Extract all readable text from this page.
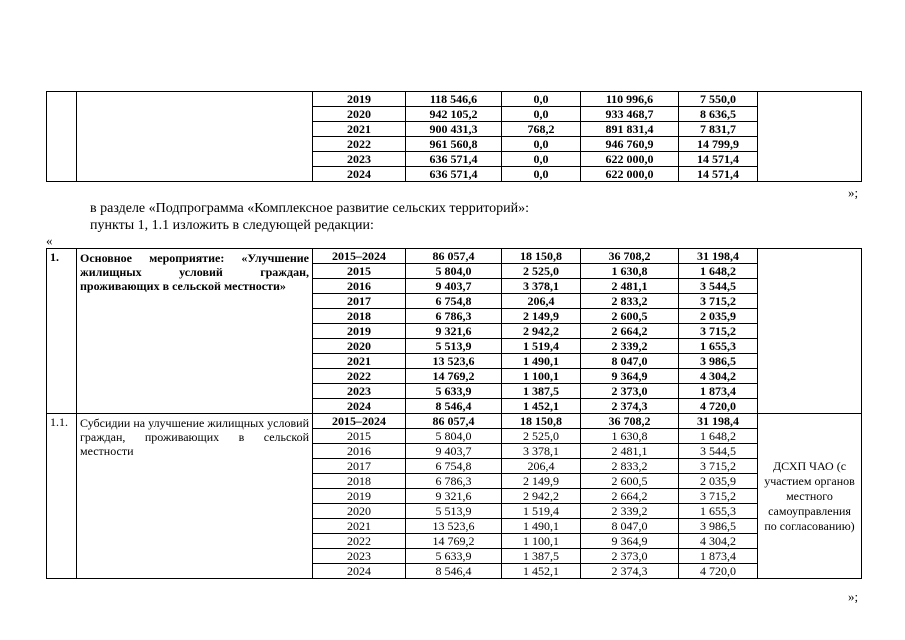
		2019	118 546,6	0,0	110 996,6	7 550,0	
		2020	942 105,2	0,0	933 468,7	8 636,5	
		2021	900 431,3	768,2	891 831,4	7 831,7	
		2022	961 560,8	0,0	946 760,9	14 799,9	
		2023	636 571,4	0,0	622 000,0	14 571,4	
		2024	636 571,4	0,0	622 000,0	14 571,4	
»;
в разделе «Подпрограмма «Комплексное развитие сельских территорий»:
пункты 1, 1.1 изложить в следующей редакции:
«
1.	Основное мероприятие: «Улучшение жилищных условий граждан, проживающих в сельской местности»	2015–2024	86 057,4	18 150,8	36 708,2	31 198,4	
		2015	5 804,0	2 525,0	1 630,8	1 648,2	
		2016	9 403,7	3 378,1	2 481,1	3 544,5	
		2017	6 754,8	206,4	2 833,2	3 715,2	
		2018	6 786,3	2 149,9	2 600,5	2 035,9	
		2019	9 321,6	2 942,2	2 664,2	3 715,2	
		2020	5 513,9	1 519,4	2 339,2	1 655,3	
		2021	13 523,6	1 490,1	8 047,0	3 986,5	
		2022	14 769,2	1 100,1	9 364,9	4 304,2	
		2023	5 633,9	1 387,5	2 373,0	1 873,4	
		2024	8 546,4	1 452,1	2 374,3	4 720,0	
1.1.	Субсидии на улучшение жилищных условий граждан, проживающих в сельской местности	2015–2024	86 057,4	18 150,8	36 708,2	31 198,4	ДСХП ЧАО (с участием органов местного самоуправления по согласованию)
		2015	5 804,0	2 525,0	1 630,8	1 648,2	
		2016	9 403,7	3 378,1	2 481,1	3 544,5	
		2017	6 754,8	206,4	2 833,2	3 715,2	
		2018	6 786,3	2 149,9	2 600,5	2 035,9	
		2019	9 321,6	2 942,2	2 664,2	3 715,2	
		2020	5 513,9	1 519,4	2 339,2	1 655,3	
		2021	13 523,6	1 490,1	8 047,0	3 986,5	
		2022	14 769,2	1 100,1	9 364,9	4 304,2	
		2023	5 633,9	1 387,5	2 373,0	1 873,4	
		2024	8 546,4	1 452,1	2 374,3	4 720,0	
»;
